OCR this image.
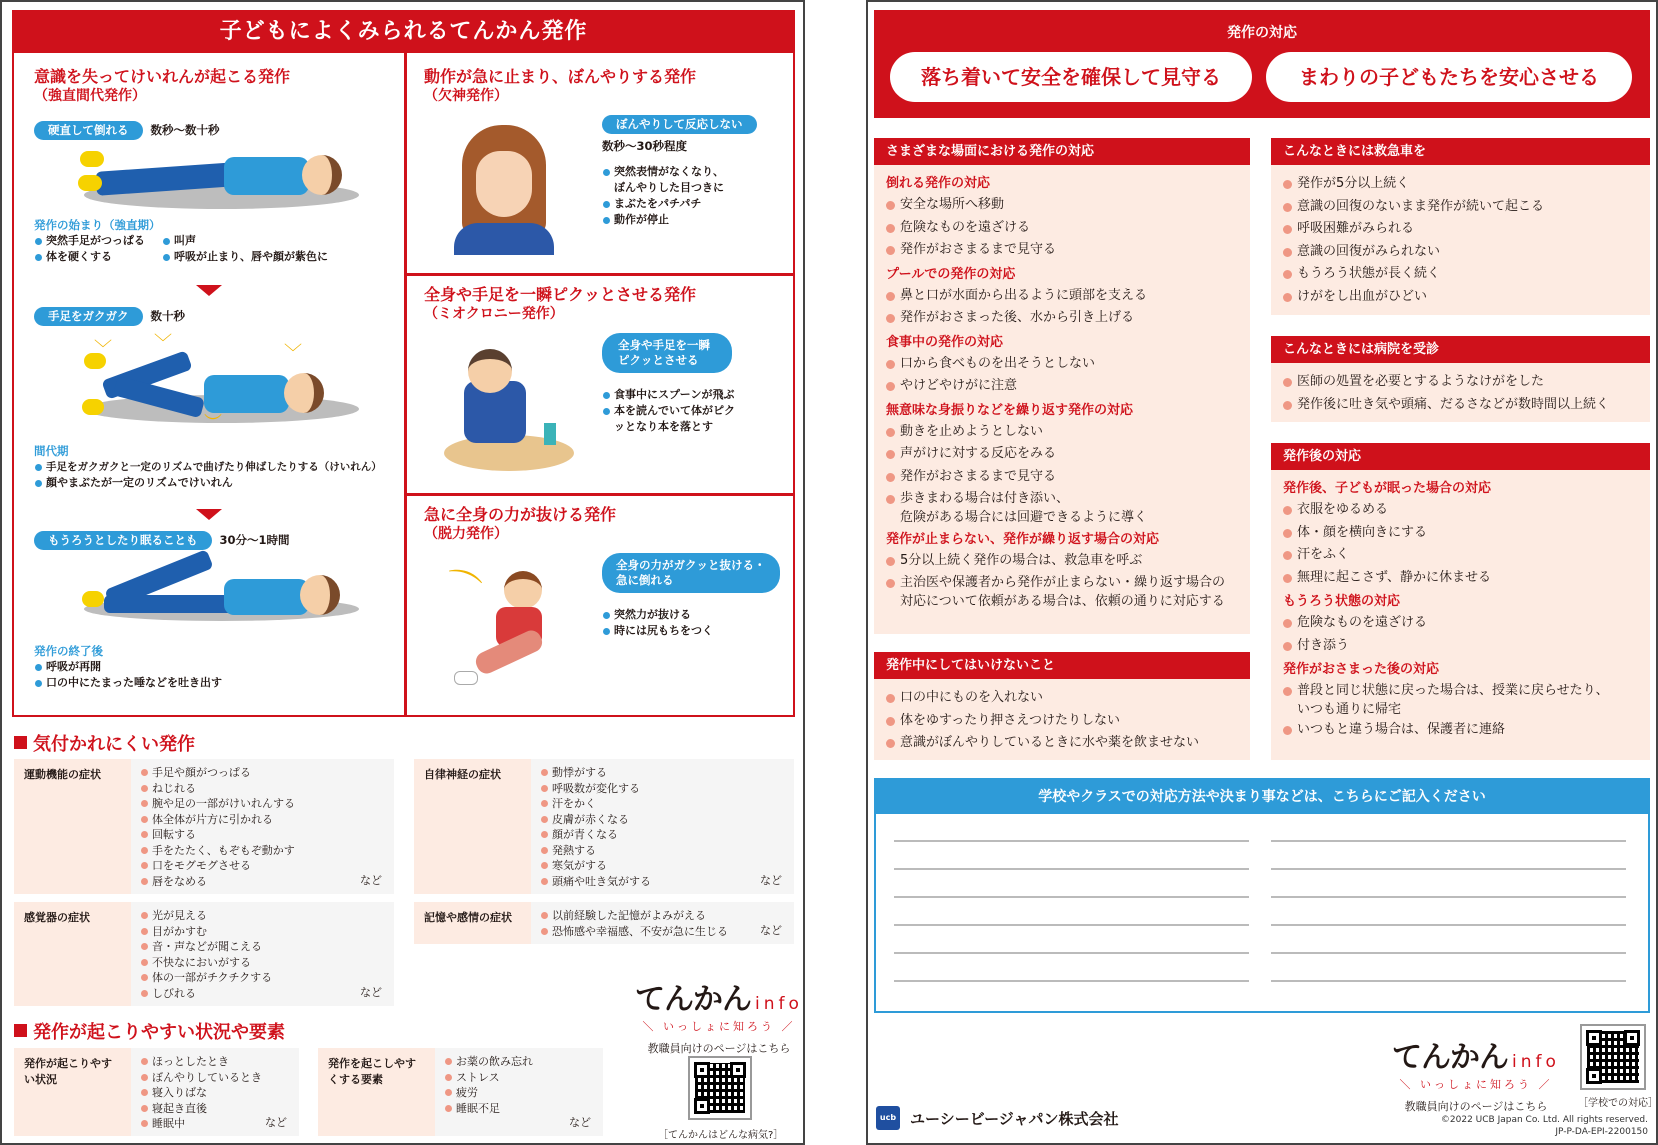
子どもによくみられるてんかん発作
意識を失ってけいれんが起こる発作
（強直間代発作）
硬直して倒れる 数秒〜数十秒
発作の始まり（強直期）
突然手足がつっぱる	叫声
体を硬くする	呼吸が止まり、唇や顔が紫色に
手足をガクガク 数十秒
﹀ ﹀	﹀
︶
間代期
手足をガクガクと一定のリズムで曲げたり伸ばしたりする（けいれん）
顔やまぶたが一定のリズムでけいれん
もうろうとしたり眠ることも 30分〜1時間
発作の終了後
呼吸が再開
口の中にたまった唾などを吐き出す
動作が急に止まり、ぼんやりする発作
（欠神発作）
ぼんやりして反応しない
数秒〜30秒程度
突然表情がなくなり、ぼんやりした目つきに
まぶたをパチパチ
動作が停止
全身や手足を一瞬ピクッとさせる発作
（ミオクロニー発作）
全身や手足を一瞬ピクッとさせる
食事中にスプーンが飛ぶ
本を読んでいて体がピクッとなり本を落とす
急に全身の力が抜ける発作
（脱力発作）
⌒	全身の力がガクッと抜ける・急に倒れる
突然力が抜ける
時には尻もちをつく
気付かれにくい発作
運動機能の症状	手足や顔がつっぱる
ねじれる
腕や足の一部がけいれんする
体全体が片方に引かれる
回転する
手をたたく、もぞもぞ動かす
口をモグモグさせる
唇をなめる	など
自律神経の症状	動悸がする
呼吸数が変化する
汗をかく
皮膚が赤くなる
顔が青くなる
発熱する
寒気がする
頭痛や吐き気がする	など
感覚器の症状	光が見える
目がかすむ
音・声などが聞こえる
不快なにおいがする
体の一部がチクチクする
しびれる	など
記憶や感情の症状	以前経験した記憶がよみがえる
恐怖感や幸福感、不安が急に生じる	など
発作が起こりやすい状況や要素
発作が起こりやすい状況
ほっとしたとき
ぼんやりしているとき
寝入りばな
寝起き直後
睡眠中	など
発作を起こしやすくする要素
お薬の飲み忘れ
ストレス
疲労
睡眠不足
など
てんかん info
＼ いっしょに知ろう ／
教職員向けのページはこちら
［てんかんはどんな病気?］
発作の対応
落ち着いて安全を確保して見守る	まわりの子どもたちを安心させる
さまざまな場面における発作の対応
倒れる発作の対応
安全な場所へ移動
危険なものを遠ざける
発作がおさまるまで見守る
プールでの発作の対応
鼻と口が水面から出るように頭部を支える
発作がおさまった後、水から引き上げる
食事中の発作の対応
口から食べものを出そうとしない
やけどやけがに注意
無意味な身振りなどを繰り返す発作の対応
動きを止めようとしない
声がけに対する反応をみる
発作がおさまるまで見守る
歩きまわる場合は付き添い、
危険がある場合には回避できるように導く
発作が止まらない、発作が繰り返す場合の対応
5分以上続く発作の場合は、救急車を呼ぶ
主治医や保護者から発作が止まらない・繰り返す場合の
対応について依頼がある場合は、依頼の通りに対応する
発作中にしてはいけないこと
口の中にものを入れない
体をゆすったり押さえつけたりしない
意識がぼんやりしているときに水や薬を飲ませない
こんなときには救急車を
発作が5分以上続く
意識の回復のないまま発作が続いて起こる
呼吸困難がみられる
意識の回復がみられない
もうろう状態が長く続く
けがをし出血がひどい
こんなときには病院を受診
医師の処置を必要とするようなけがをした
発作後に吐き気や頭痛、だるさなどが数時間以上続く
発作後の対応
発作後、子どもが眠った場合の対応
衣服をゆるめる
体・顔を横向きにする
汗をふく
無理に起こさず、静かに休ませる
もうろう状態の対応
危険なものを遠ざける
付き添う
発作がおさまった後の対応
普段と同じ状態に戻った場合は、授業に戻らせたり、
いつも通りに帰宅
いつもと違う場合は、保護者に連絡
学校やクラスでの対応方法や決まり事などは、こちらにご記入ください
ucb ユーシービージャパン株式会社
てんかん info
＼ いっしょに知ろう ／
教職員向けのページはこちら	［学校での対応］
©2022 UCB Japan Co. Ltd. All rights reserved.
JP-P-DA-EPI-2200150
